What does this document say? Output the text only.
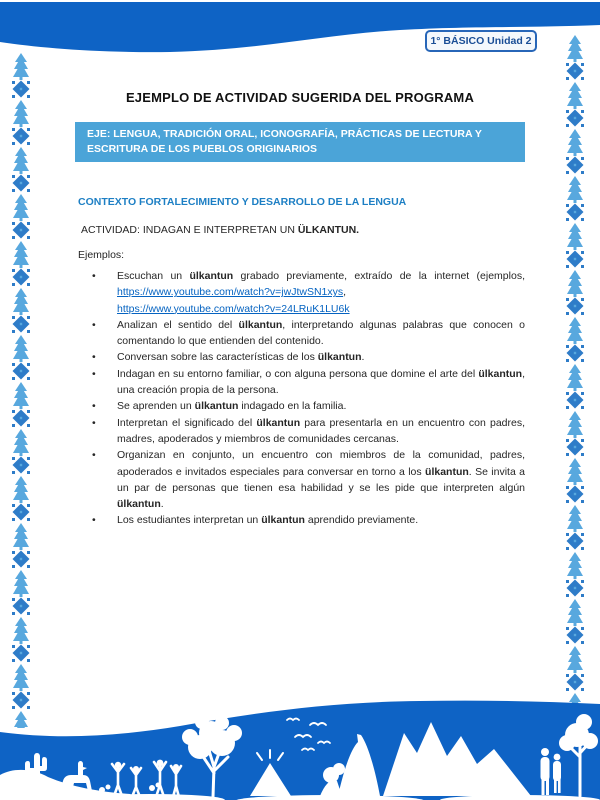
1° BÁSICO Unidad 2
EJEMPLO DE ACTIVIDAD SUGERIDA DEL PROGRAMA
EJE: LENGUA, TRADICIÓN ORAL, ICONOGRAFÍA, PRÁCTICAS DE LECTURA Y ESCRITURA DE LOS PUEBLOS ORIGINARIOS
CONTEXTO FORTALECIMIENTO Y DESARROLLO DE LA LENGUA
ACTIVIDAD: INDAGAN E INTERPRETAN UN ÜLKANTUN.
Ejemplos:
• Escuchan un ülkantun grabado previamente, extraído de la internet (ejemplos,
https://www.youtube.com/watch?v=jwJtwSN1xys,
https://www.youtube.com/watch?v=24LRuK1LU6k
• Analizan el sentido del ülkantun, interpretando algunas palabras que conocen o comentando lo que entienden del contenido.
• Conversan sobre las características de los ülkantun.
• Indagan en su entorno familiar, o con alguna persona que domine el arte del ülkantun, una creación propia de la persona.
• Se aprenden un ülkantun indagado en la familia.
• Interpretan el significado del ülkantun para presentarla en un encuentro con padres, madres, apoderados y miembros de comunidades cercanas.
• Organizan en conjunto, un encuentro con miembros de la comunidad, padres, apoderados e invitados especiales para conversar en torno a los ülkantun. Se invita a un par de personas que tienen esa habilidad y se les pide que interpreten algún ülkantun.
• Los estudiantes interpretan un ülkantun aprendido previamente.
